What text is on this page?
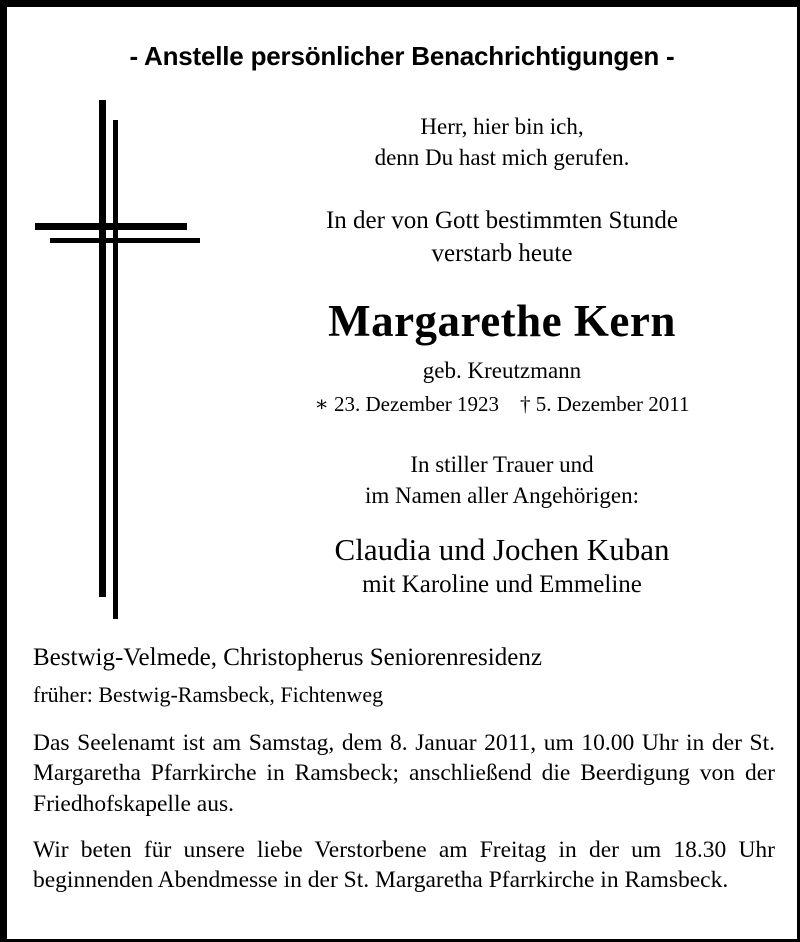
- Anstelle persönlicher Benachrichtigungen -
Herr, hier bin ich,
denn Du hast mich gerufen.
In der von Gott bestimmten Stunde
verstarb heute
Margarethe Kern
geb. Kreutzmann
∗ 23. Dezember 1923    † 5. Dezember 2011
In stiller Trauer und
im Namen aller Angehörigen:
Claudia und Jochen Kuban
mit Karoline und Emmeline
Bestwig-Velmede, Christopherus Seniorenresidenz
früher: Bestwig-Ramsbeck, Fichtenweg
Das Seelenamt ist am Samstag, dem 8. Januar 2011, um 10.00 Uhr in der St. Margaretha Pfarrkirche in Ramsbeck; anschließend die Beerdigung von der Friedhofskapelle aus.
Wir beten für unsere liebe Verstorbene am Freitag in der um 18.30 Uhr beginnenden Abendmesse in der St. Margaretha Pfarrkirche in Ramsbeck.
